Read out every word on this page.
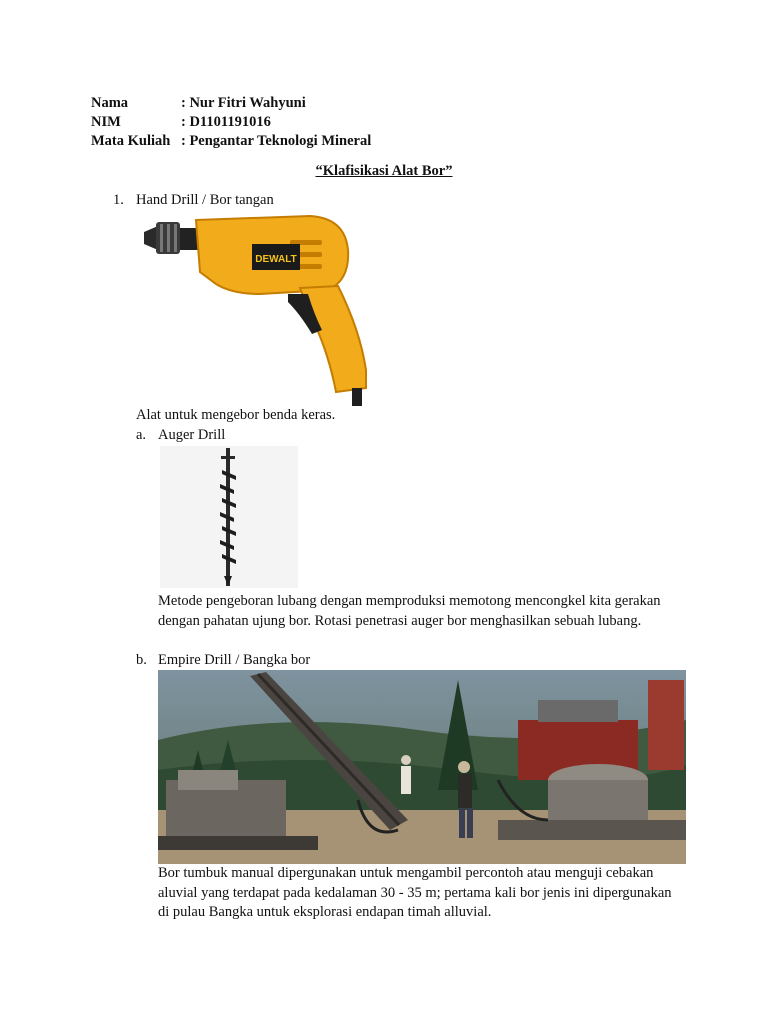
Nama	: Nur Fitri Wahyuni
NIM	: D1101191016
Mata Kuliah : Pengantar Teknologi Mineral
“Klafisikasi Alat Bor”
1. Hand Drill / Bor tangan
DEWALT
Alat untuk mengebor benda keras.
a. Auger Drill
Metode pengeboran lubang dengan memproduksi memotong mencongkel kita gerakan dengan pahatan ujung bor. Rotasi penetrasi auger bor menghasilkan sebuah lubang.
b. Empire Drill / Bangka bor
Bor tumbuk manual dipergunakan untuk mengambil percontoh atau menguji cebakan aluvial yang terdapat pada kedalaman 30 - 35 m; pertama kali bor jenis ini dipergunakan di pulau Bangka untuk eksplorasi endapan timah alluvial.
